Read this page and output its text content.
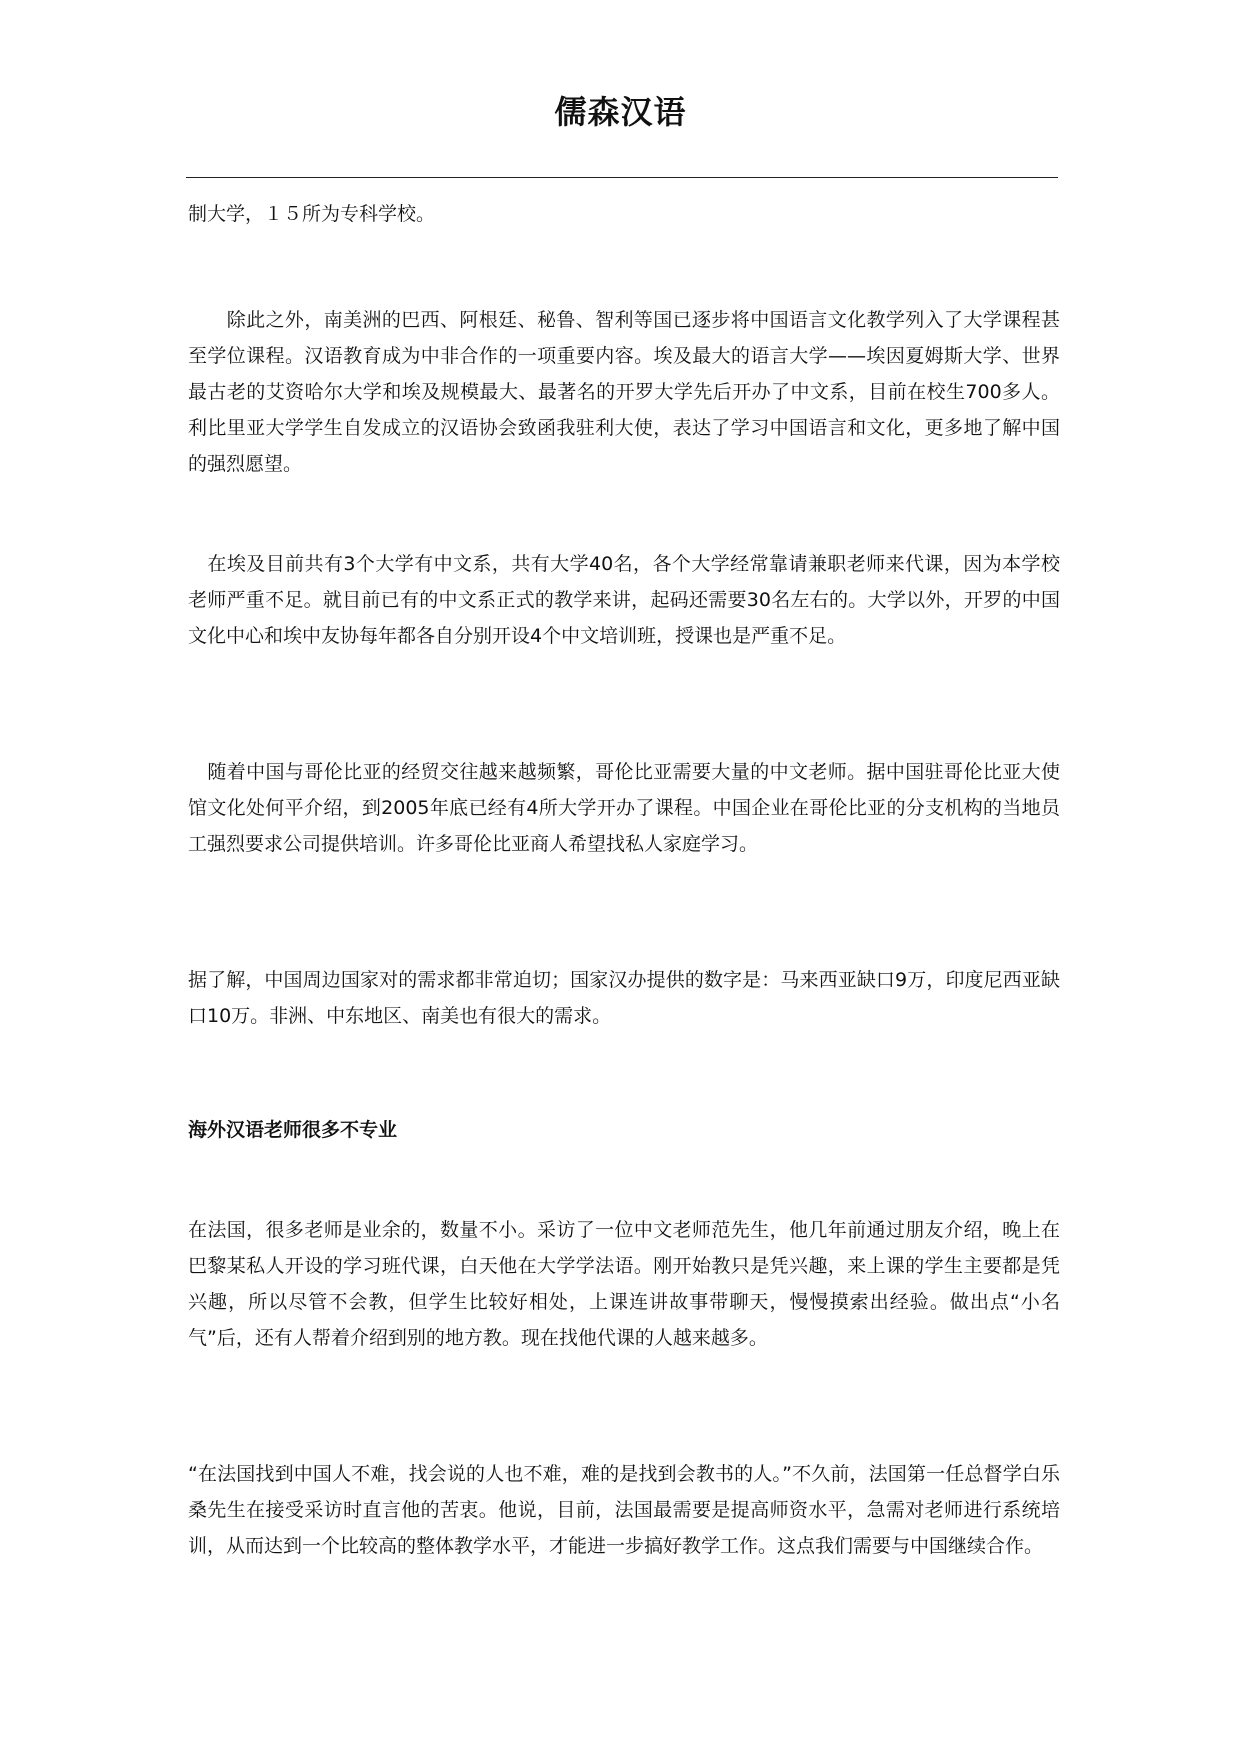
儒森汉语

制大学，１５所为专科学校。

　　除此之外，南美洲的巴西、阿根廷、秘鲁、智利等国已逐步将中国语言文化教学列入了大学课程甚至学位课程。汉语教育成为中非合作的一项重要内容。埃及最大的语言大学——埃因夏姆斯大学、世界最古老的艾资哈尔大学和埃及规模最大、最著名的开罗大学先后开办了中文系，目前在校生700多人。利比里亚大学学生自发成立的汉语协会致函我驻利大使，表达了学习中国语言和文化，更多地了解中国的强烈愿望。

　在埃及目前共有3个大学有中文系，共有大学40名，各个大学经常靠请兼职老师来代课，因为本学校老师严重不足。就目前已有的中文系正式的教学来讲，起码还需要30名左右的。大学以外，开罗的中国文化中心和埃中友协每年都各自分别开设4个中文培训班，授课也是严重不足。

　随着中国与哥伦比亚的经贸交往越来越频繁，哥伦比亚需要大量的中文老师。据中国驻哥伦比亚大使馆文化处何平介绍，到2005年底已经有4所大学开办了课程。中国企业在哥伦比亚的分支机构的当地员工强烈要求公司提供培训。许多哥伦比亚商人希望找私人家庭学习。

据了解，中国周边国家对的需求都非常迫切；国家汉办提供的数字是：马来西亚缺口9万，印度尼西亚缺口10万。非洲、中东地区、南美也有很大的需求。

海外汉语老师很多不专业

在法国，很多老师是业余的，数量不小。采访了一位中文老师范先生，他几年前通过朋友介绍，晚上在巴黎某私人开设的学习班代课，白天他在大学学法语。刚开始教只是凭兴趣，来上课的学生主要都是凭兴趣，所以尽管不会教，但学生比较好相处，上课连讲故事带聊天，慢慢摸索出经验。做出点“小名气”后，还有人帮着介绍到别的地方教。现在找他代课的人越来越多。

“在法国找到中国人不难，找会说的人也不难，难的是找到会教书的人。”不久前，法国第一任总督学白乐桑先生在接受采访时直言他的苦衷。他说，目前，法国最需要是提高师资水平，急需对老师进行系统培训，从而达到一个比较高的整体教学水平，才能进一步搞好教学工作。这点我们需要与中国继续合作。
